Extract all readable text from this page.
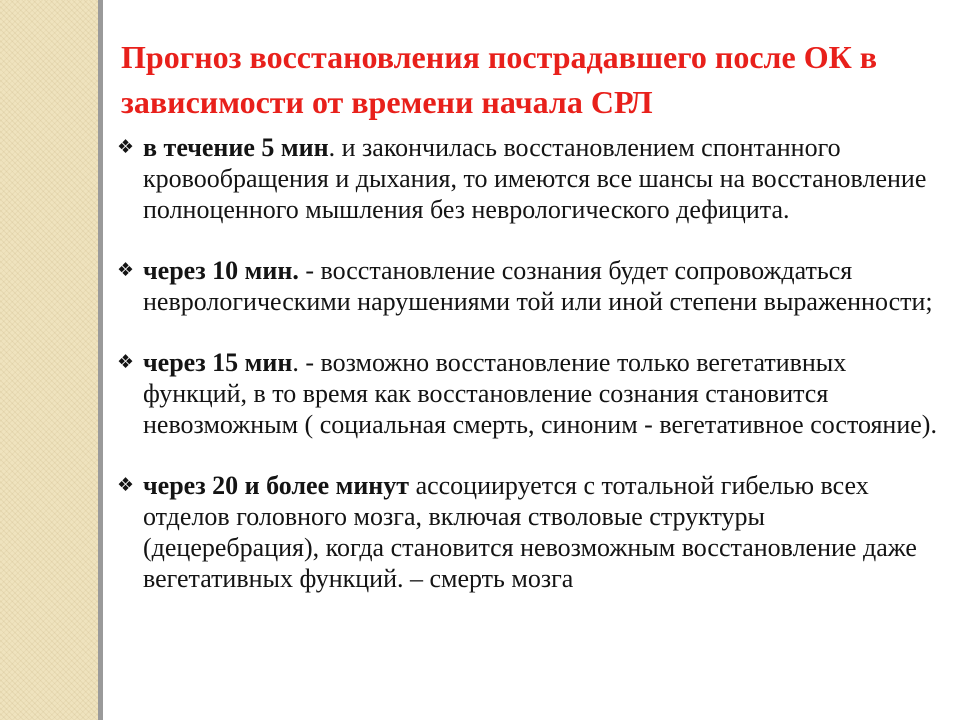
Прогноз восстановления пострадавшего после ОК в зависимости от времени начала СРЛ
❖ в течение 5 мин. и закончилась восстановлением спонтанного кровообращения и дыхания, то имеются все шансы на восстановление полноценного мышления без неврологического дефицита.
❖ через 10 мин. - восстановление сознания будет сопровождаться неврологическими нарушениями той или иной степени выраженности;
❖ через 15 мин. - возможно восстановление только вегетативных функций, в то время как восстановление сознания становится невозможным ( социальная смерть, синоним - вегетативное состояние).
❖ через 20 и более минут ассоциируется с тотальной гибелью всех отделов головного мозга, включая стволовые структуры (децеребрация), когда становится невозможным восстановление даже вегетативных функций. – смерть мозга
